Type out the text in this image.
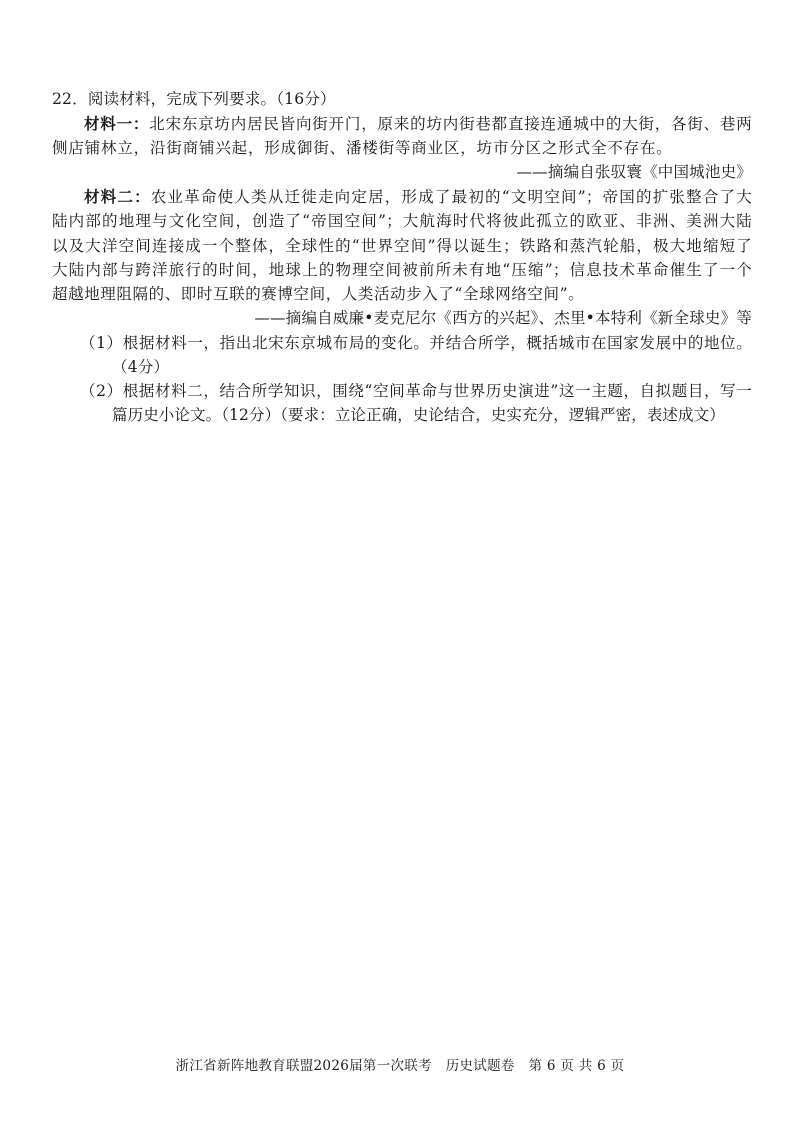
22．阅读材料，完成下列要求。（16分）
材料一：北宋东京坊内居民皆向街开门，原来的坊内街巷都直接连通城中的大街，各街、巷两
侧店铺林立，沿街商铺兴起，形成御街、潘楼街等商业区，坊市分区之形式全不存在。
——摘编自张驭寰《中国城池史》
材料二：农业革命使人类从迁徙走向定居，形成了最初的“文明空间”；帝国的扩张整合了大
陆内部的地理与文化空间，创造了“帝国空间”；大航海时代将彼此孤立的欧亚、非洲、美洲大陆
以及大洋空间连接成一个整体，全球性的“世界空间”得以诞生；铁路和蒸汽轮船，极大地缩短了
大陆内部与跨洋旅行的时间，地球上的物理空间被前所未有地“压缩”；信息技术革命催生了一个
超越地理阻隔的、即时互联的赛博空间，人类活动步入了“全球网络空间”。
——摘编自威廉•麦克尼尔《西方的兴起》、杰里•本特利《新全球史》等
（1）根据材料一，指出北宋东京城布局的变化。并结合所学，概括城市在国家发展中的地位。
（4分）
（2）根据材料二，结合所学知识，围绕“空间革命与世界历史演进”这一主题，自拟题目，写一
篇历史小论文。（12分）（要求：立论正确，史论结合，史实充分，逻辑严密，表述成文）
浙江省新阵地教育联盟2026届第一次联考　历史试题卷　第 6 页 共 6 页
